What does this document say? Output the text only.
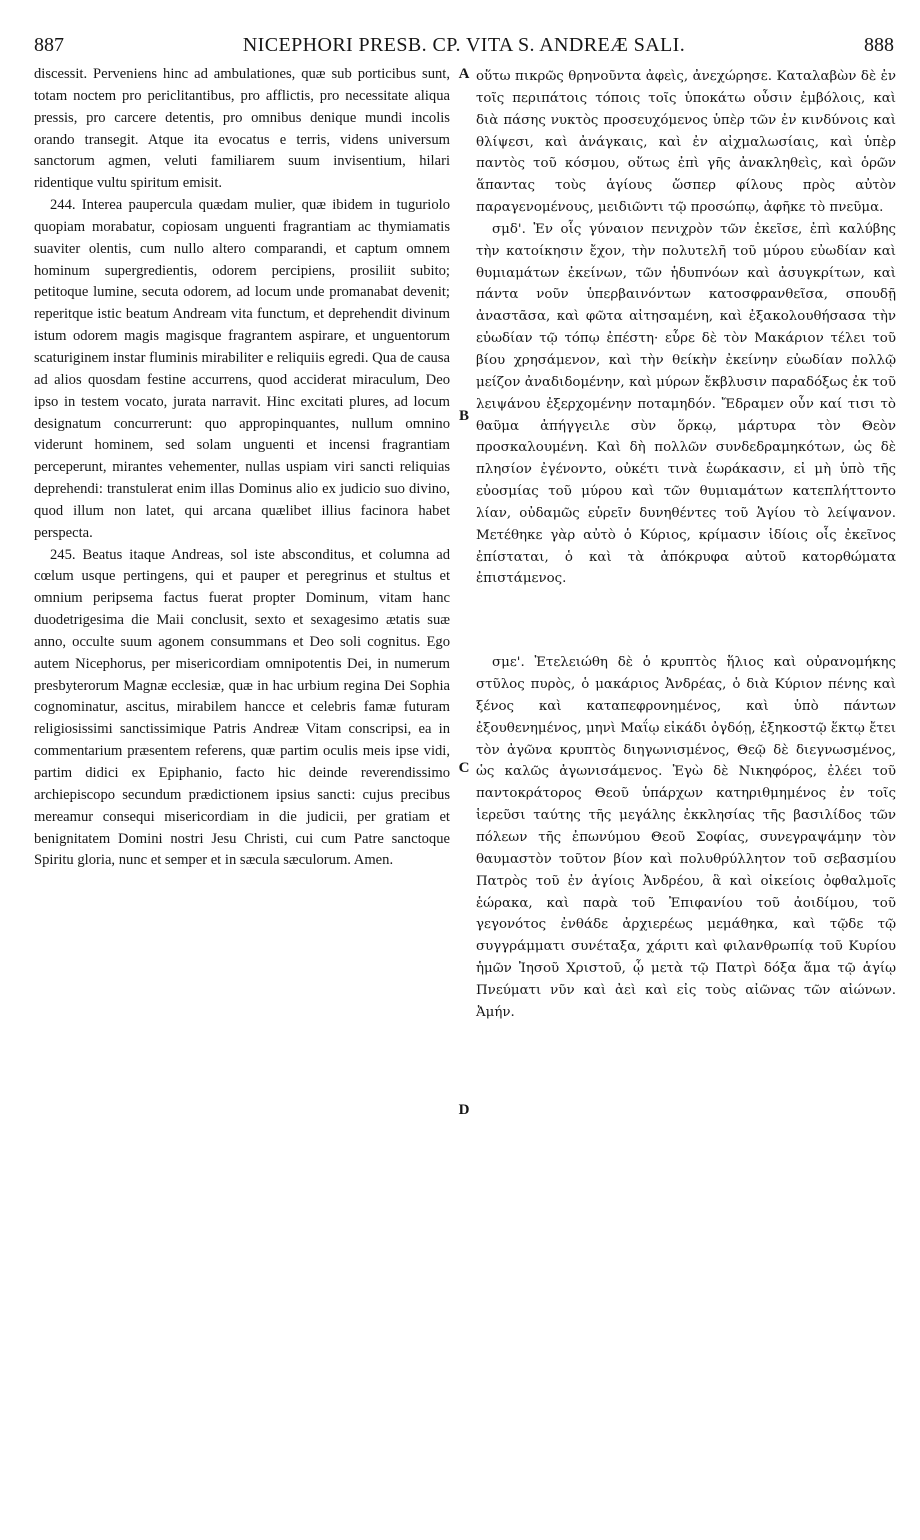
887	NICEPHORI PRESB. CP. VITA S. ANDREÆ SALI.	888
A
B
C
D

discessit. Perveniens hinc ad ambulationes, quæ sub porticibus sunt, totam noctem pro periclitantibus, pro afflictis, pro necessitate aliqua pressis, pro carcere detentis, pro omnibus denique mundi incolis orando transegit. Atque ita evocatus e terris, videns universum sanctorum agmen, veluti familiarem suum invisentium, hilari ridentique vultu spiritum emisit.

244. Interea paupercula quædam mulier, quæ ibidem in tuguriolo quopiam morabatur, copiosam unguenti fragrantiam ac thymiamatis suaviter olentis, cum nullo altero comparandi, et captum omnem hominum supergredientis, odorem percipiens, prosiliit subito; petitoque lumine, secuta odorem, ad locum unde promanabat devenit; reperitque istic beatum Andream vita functum, et deprehendit divinum istum odorem magis magisque fragrantem aspirare, et unguentorum scaturiginem instar fluminis mirabiliter e reliquiis egredi. Qua de causa ad alios quosdam festine accurrens, quod acciderat miraculum, Deo ipso in testem vocato, jurata narravit. Hinc excitati plures, ad locum designatum concurrerunt: quo appropinquantes, nullum omnino viderunt hominem, sed solam unguenti et incensi fragrantiam perceperunt, mirantes vehementer, nullas uspiam viri sancti reliquias deprehendi: transtulerat enim illas Dominus alio ex judicio suo divino, quod illum non latet, qui arcana quælibet illius facinora habet perspecta.

245. Beatus itaque Andreas, sol iste absconditus, et columna ad cœlum usque pertingens, qui et pauper et peregrinus et stultus et omnium peripsema factus fuerat propter Dominum, vitam hanc duodetrigesima die Maii conclusit, sexto et sexagesimo ætatis suæ anno, occulte suum agonem consummans et Deo soli cognitus. Ego autem Nicephorus, per misericordiam omnipotentis Dei, in numerum presbyterorum Magnæ ecclesiæ, quæ in hac urbium regina Dei Sophia cognominatur, ascitus, mirabilem hancce et celebris famæ futuram religiosissimi sanctissimique Patris Andreæ Vitam conscripsi, ea in commentarium præsentem referens, quæ partim oculis meis ipse vidi, partim didici ex Epiphanio, facto hic deinde reverendissimo archiepiscopo secundum prædictionem ipsius sancti: cujus precibus mereamur consequi misericordiam in die judicii, per gratiam et benignitatem Domini nostri Jesu Christi, cui cum Patre sanctoque Spiritu gloria, nunc et semper et in sæcula sæculorum. Amen.

οὕτω πικρῶς θρηνοῦντα ἀφεὶς, ἀνεχώρησε. Καταλαβὼν δὲ ἐν τοῖς περιπάτοις τόποις τοῖς ὑποκάτω οὖσιν ἐμβόλοις, καὶ διὰ πάσης νυκτὸς προσευχόμενος ὑπὲρ τῶν ἐν κινδύνοις καὶ θλίψεσι, καὶ ἀνάγκαις, καὶ ἐν αἰχμαλωσίαις, καὶ ὑπὲρ παντὸς τοῦ κόσμου, οὕτως ἐπὶ γῆς ἀνακληθεὶς, καὶ ὁρῶν ἅπαντας τοὺς ἁγίους ὥσπερ φίλους πρὸς αὐτὸν παραγενομένους, μειδιῶντι τῷ προσώπῳ, ἀφῆκε τὸ πνεῦμα.

σμδ'. Ἐν οἷς γύναιον πενιχρὸν τῶν ἐκεῖσε, ἐπὶ καλύβης τὴν κατοίκησιν ἔχον, τὴν πολυτελῆ τοῦ μύρου εὐωδίαν καὶ θυμιαμάτων ἐκείνων, τῶν ἡδυπνόων καὶ ἀσυγκρίτων, καὶ πάντα νοῦν ὑπερβαινόντων κατοσφρανθεῖσα, σπουδῇ ἀναστᾶσα, καὶ φῶτα αἰτησαμένη, καὶ ἐξακολουθήσασα τὴν εὐωδίαν τῷ τόπῳ ἐπέστη· εὗρε δὲ τὸν Μακάριον τέλει τοῦ βίου χρησάμενον, καὶ τὴν θείκὴν ἐκείνην εὐωδίαν πολλῷ μείζον ἀναδιδομένην, καὶ μύρων ἔκβλυσιν παραδόξως ἐκ τοῦ λειψάνου ἐξερχομένην ποταμηδόν. Ἔδραμεν οὖν καί τισι τὸ θαῦμα ἀπήγγειλε σὺν ὅρκῳ, μάρτυρα τὸν Θεὸν προσκαλουμένη. Καὶ δὴ πολλῶν συνδεδραμηκότων, ὡς δὲ πλησίον ἐγένοντο, οὐκέτι τινὰ ἑωράκασιν, εἰ μὴ ὑπὸ τῆς εὐοσμίας τοῦ μύρου καὶ τῶν θυμιαμάτων κατεπλήττοντο λίαν, οὐδαμῶς εὑρεῖν δυνηθέντες τοῦ Ἁγίου τὸ λείψανον. Μετέθηκε γὰρ αὐτὸ ὁ Κύριος, κρίμασιν ἰδίοις οἷς ἐκεῖνος ἐπίσταται, ὁ καὶ τὰ ἀπόκρυφα αὐτοῦ κατορθώματα ἐπιστάμενος.

σμε'. Ἐτελειώθη δὲ ὁ κρυπτὸς ἥλιος καὶ οὐρανομήκης στῦλος πυρὸς, ὁ μακάριος Ἀνδρέας, ὁ διὰ Κύριον πένης καὶ ξένος καὶ καταπεφρονημένος, καὶ ὑπὸ πάντων ἐξουθενημένος, μηνὶ Μαΐῳ εἰκάδι ὀγδόῃ, ἑξηκοστῷ ἕκτῳ ἔτει τὸν ἀγῶνα κρυπτὸς διηγωνισμένος, Θεῷ δὲ διεγνωσμένος, ὡς καλῶς ἀγωνισάμενος. Ἐγὼ δὲ Νικηφόρος, ἐλέει τοῦ παντοκράτορος Θεοῦ ὑπάρχων κατηριθμημένος ἐν τοῖς ἱερεῦσι ταύτης τῆς μεγάλης ἐκκλησίας τῆς βασιλίδος τῶν πόλεων τῆς ἐπωνύμου Θεοῦ Σοφίας, συνεγραψάμην τὸν θαυμαστὸν τοῦτον βίον καὶ πολυθρύλλητον τοῦ σεβασμίου Πατρὸς τοῦ ἐν ἁγίοις Ἀνδρέου, ἃ καὶ οἰκείοις ὀφθαλμοῖς ἑώρακα, καὶ παρὰ τοῦ Ἐπιφανίου τοῦ ἀοιδίμου, τοῦ γεγονότος ἐνθάδε ἀρχιερέως μεμάθηκα, καὶ τῷδε τῷ συγγράμματι συνέταξα, χάριτι καὶ φιλανθρωπίᾳ τοῦ Κυρίου ἡμῶν Ἰησοῦ Χριστοῦ, ᾧ μετὰ τῷ Πατρὶ δόξα ἅμα τῷ ἁγίῳ Πνεύματι νῦν καὶ ἀεὶ καὶ εἰς τοὺς αἰῶνας τῶν αἰώνων. Ἀμήν.
